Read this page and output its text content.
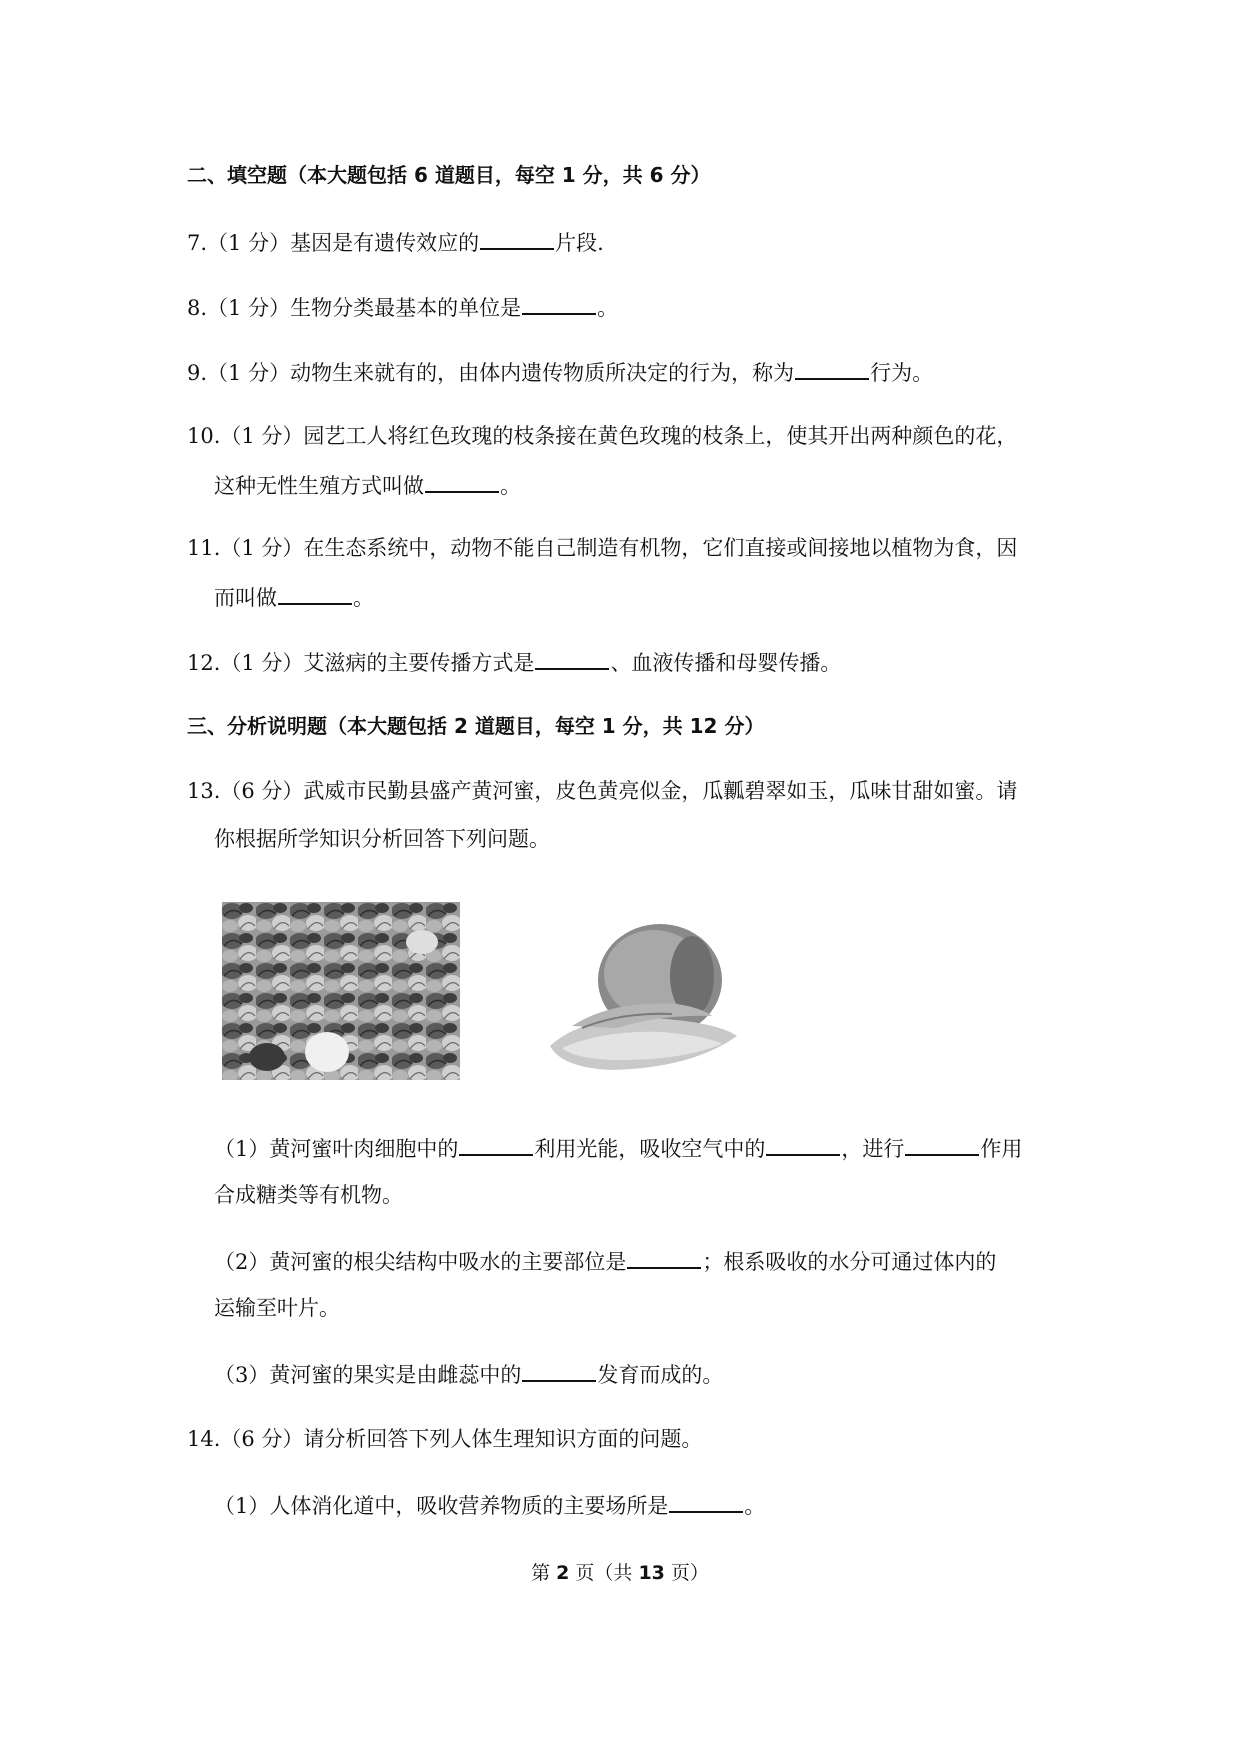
二、填空题（本大题包括 6 道题目，每空 1 分，共 6 分）
7.（1 分）基因是有遗传效应的	片段.
8.（1 分）生物分类最基本的单位是	。
9.（1 分）动物生来就有的，由体内遗传物质所决定的行为，称为	行为。
10.（1 分）园艺工人将红色玫瑰的枝条接在黄色玫瑰的枝条上，使其开出两种颜色的花，
这种无性生殖方式叫做	。
11.（1 分）在生态系统中，动物不能自己制造有机物，它们直接或间接地以植物为食，因
而叫做	。
12.（1 分）艾滋病的主要传播方式是	、血液传播和母婴传播。
三、分析说明题（本大题包括 2 道题目，每空 1 分，共 12 分）
13.（6 分）武威市民勤县盛产黄河蜜，皮色黄亮似金，瓜瓤碧翠如玉，瓜味甘甜如蜜。请
你根据所学知识分析回答下列问题。
（1）黄河蜜叶肉细胞中的	利用光能，吸收空气中的	，进行	作用
合成糖类等有机物。
（2）黄河蜜的根尖结构中吸水的主要部位是	；根系吸收的水分可通过体内的
运输至叶片。
（3）黄河蜜的果实是由雌蕊中的	发育而成的。
14.（6 分）请分析回答下列人体生理知识方面的问题。
（1）人体消化道中，吸收营养物质的主要场所是	。
第 2 页（共 13 页）
